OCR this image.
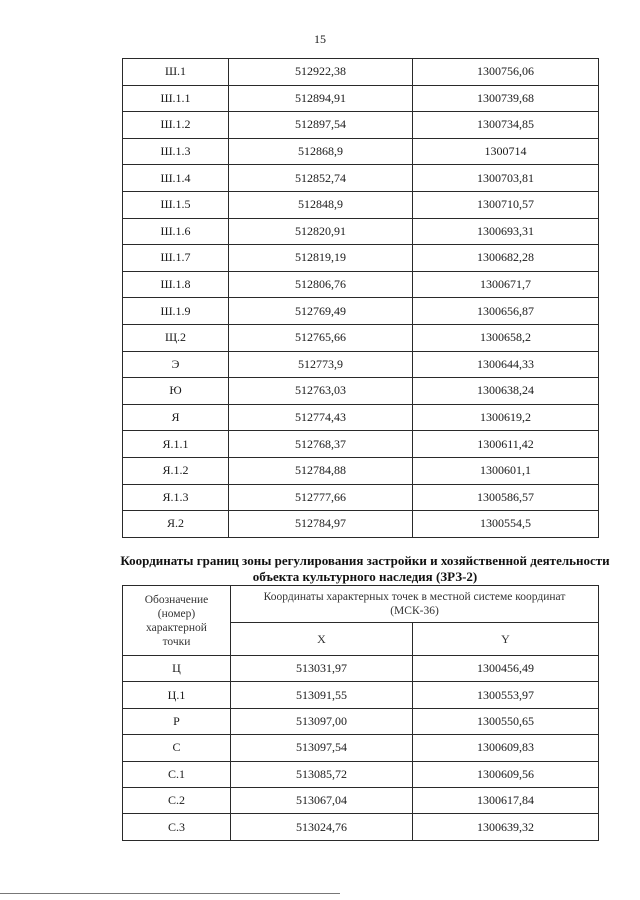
15
Ш.1	512922,38	1300756,06
Ш.1.1	512894,91	1300739,68
Ш.1.2	512897,54	1300734,85
Ш.1.3	512868,9	1300714
Ш.1.4	512852,74	1300703,81
Ш.1.5	512848,9	1300710,57
Ш.1.6	512820,91	1300693,31
Ш.1.7	512819,19	1300682,28
Ш.1.8	512806,76	1300671,7
Ш.1.9	512769,49	1300656,87
Щ.2	512765,66	1300658,2
Э	512773,9	1300644,33
Ю	512763,03	1300638,24
Я	512774,43	1300619,2
Я.1.1	512768,37	1300611,42
Я.1.2	512784,88	1300601,1
Я.1.3	512777,66	1300586,57
Я.2	512784,97	1300554,5
Координаты границ зоны регулирования застройки и хозяйственной деятельности
объекта культурного наследия (ЗРЗ-2)
Обозначение
(номер)
характерной
точки	Координаты характерных точек в местной системе координат
(МСК-36)	

	X	Y
Ц	513031,97	1300456,49
Ц.1	513091,55	1300553,97
Р	513097,00	1300550,65
С	513097,54	1300609,83
С.1	513085,72	1300609,56
С.2	513067,04	1300617,84
С.3	513024,76	1300639,32
